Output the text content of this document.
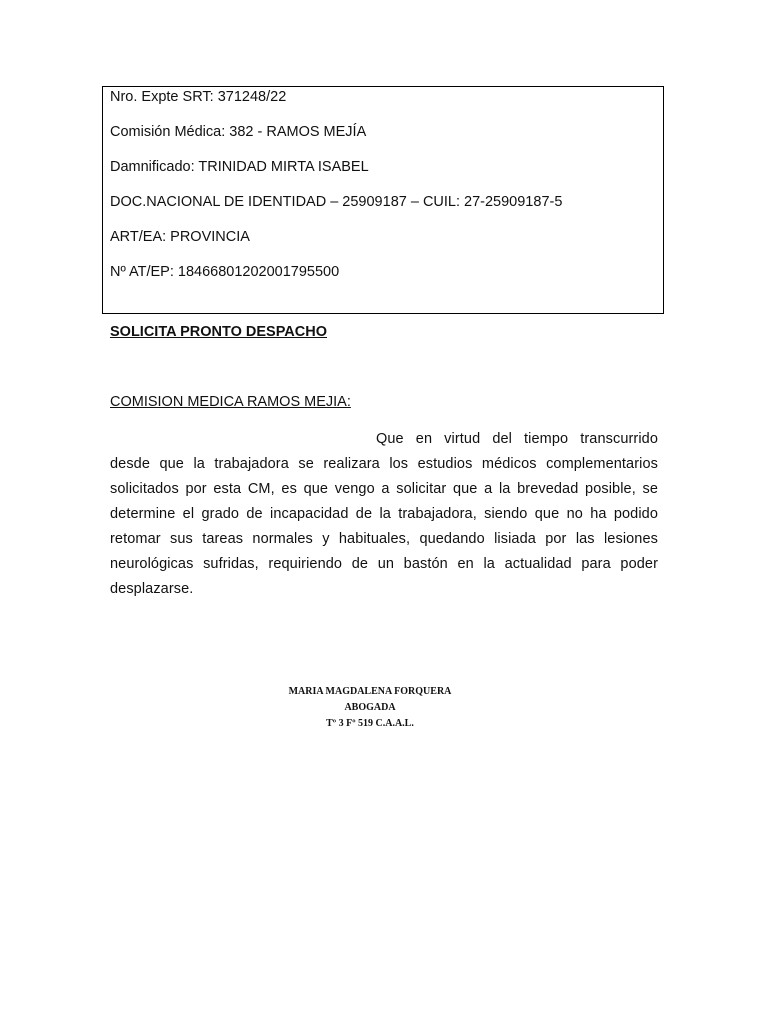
Nro. Expte SRT: 371248/22

Comisión Médica: 382 - RAMOS MEJÍA

Damnificado: TRINIDAD MIRTA ISABEL

DOC.NACIONAL DE IDENTIDAD – 25909187 – CUIL: 27-25909187-5

ART/EA: PROVINCIA

Nº AT/EP: 18466801202001795500

SOLICITA PRONTO DESPACHO

COMISION MEDICA RAMOS MEJIA:

Que en virtud del tiempo transcurrido desde que la trabajadora se realizara los estudios médicos complementarios solicitados por esta CM, es que vengo a solicitar que a la brevedad posible, se determine el grado de incapacidad de la trabajadora, siendo que no ha podido retomar sus tareas normales y habituales, quedando lisiada por las lesiones neurológicas sufridas, requiriendo de un bastón en la actualidad para poder desplazarse.

MARIA MAGDALENA FORQUERA
ABOGADA
Tº 3 Fº 519 C.A.A.L.
